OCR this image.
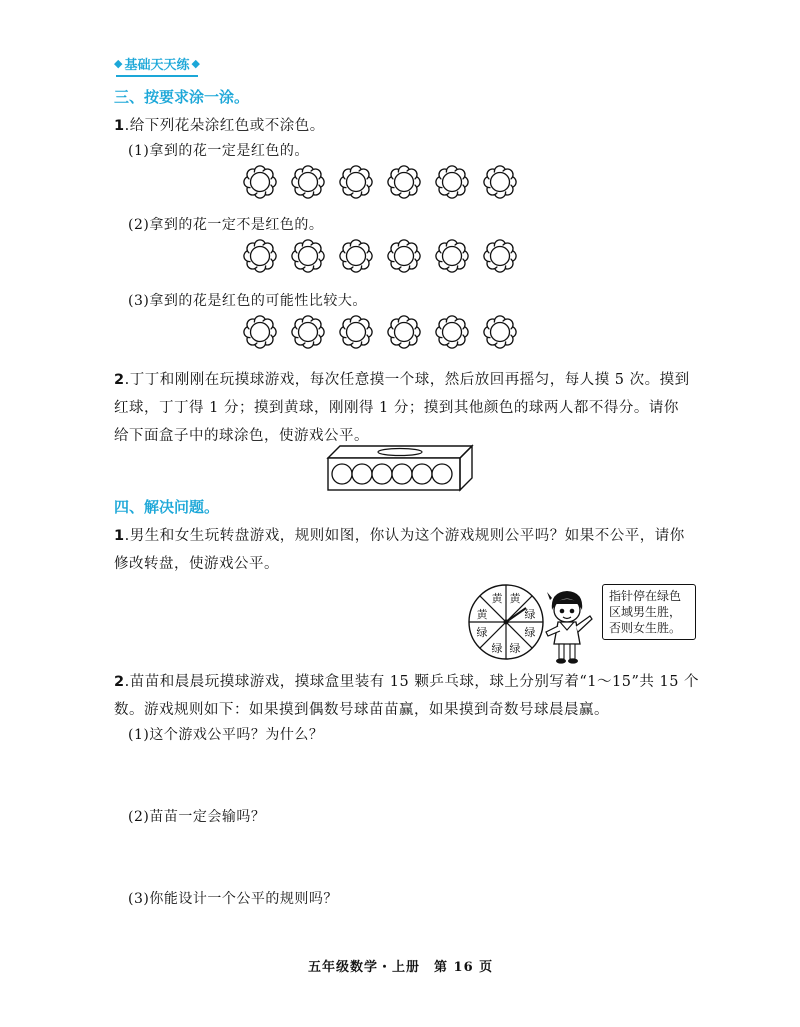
◆ 基础天天练 ◆
三、按要求涂一涂。
1.给下列花朵涂红色或不涂色。
(1)拿到的花一定是红色的。
(2)拿到的花一定不是红色的。
(3)拿到的花是红色的可能性比较大。
2.丁丁和刚刚在玩摸球游戏，每次任意摸一个球，然后放回再摇匀，每人摸 5 次。摸到
红球，丁丁得 1 分；摸到黄球，刚刚得 1 分；摸到其他颜色的球两人都不得分。请你
给下面盒子中的球涂色，使游戏公平。
四、解决问题。
1.男生和女生玩转盘游戏，规则如图，你认为这个游戏规则公平吗？如果不公平，请你
修改转盘，使游戏公平。
黄 黄
绿
绿
绿
绿
绿
黄
指针停在绿色区域男生胜，否则女生胜。
2.苗苗和晨晨玩摸球游戏，摸球盒里装有 15 颗乒乓球，球上分别写着“1～15”共 15 个
数。游戏规则如下：如果摸到偶数号球苗苗赢，如果摸到奇数号球晨晨赢。
(1)这个游戏公平吗？为什么？
(2)苗苗一定会输吗？
(3)你能设计一个公平的规则吗？
五年级数学・上册　第 16 页
